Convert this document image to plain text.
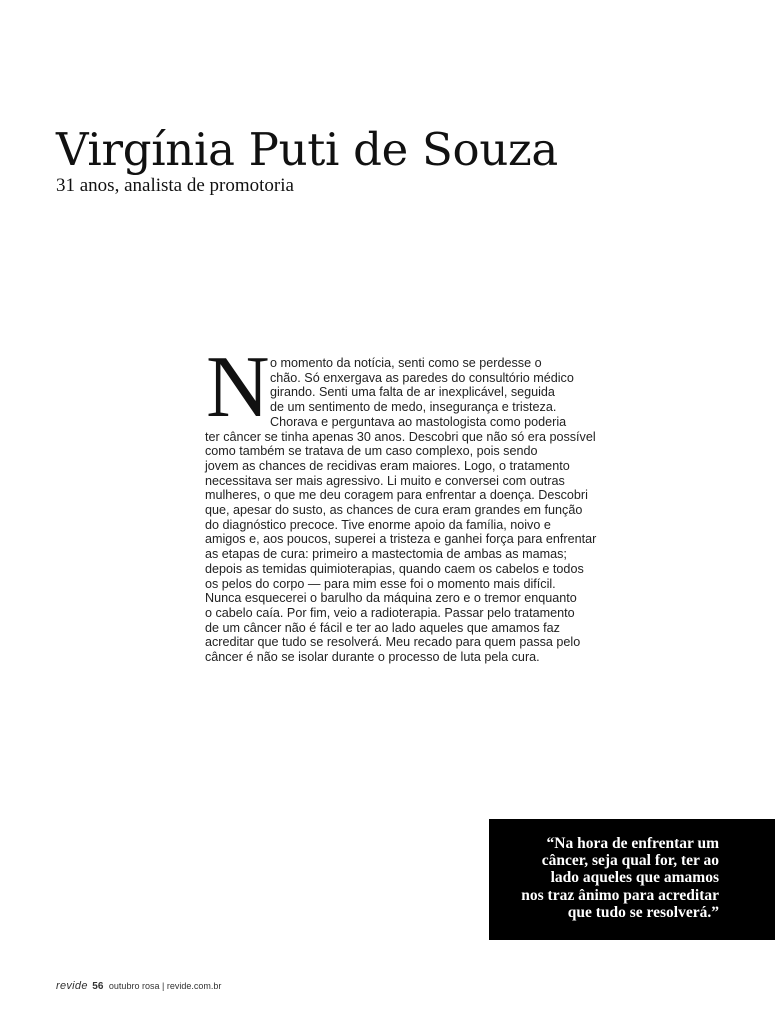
Virgínia Puti de Souza
31 anos, analista de promotoria
N o momento da notícia, senti como se perdesse o
chão. Só enxergava as paredes do consultório médico
girando. Senti uma falta de ar inexplicável, seguida
de um sentimento de medo, insegurança e tristeza.
Chorava e perguntava ao mastologista como poderia
ter câncer se tinha apenas 30 anos. Descobri que não só era possível
como também se tratava de um caso complexo, pois sendo
jovem as chances de recidivas eram maiores. Logo, o tratamento
necessitava ser mais agressivo. Li muito e conversei com outras
mulheres, o que me deu coragem para enfrentar a doença. Descobri
que, apesar do susto, as chances de cura eram grandes em função
do diagnóstico precoce. Tive enorme apoio da família, noivo e
amigos e, aos poucos, superei a tristeza e ganhei força para enfrentar
as etapas de cura: primeiro a mastectomia de ambas as mamas;
depois as temidas quimioterapias, quando caem os cabelos e todos
os pelos do corpo — para mim esse foi o momento mais difícil.
Nunca esquecerei o barulho da máquina zero e o tremor enquanto
o cabelo caía. Por fim, veio a radioterapia. Passar pelo tratamento
de um câncer não é fácil e ter ao lado aqueles que amamos faz
acreditar que tudo se resolverá. Meu recado para quem passa pelo
câncer é não se isolar durante o processo de luta pela cura.
“Na hora de enfrentar um
câncer, seja qual for, ter ao
lado aqueles que amamos
nos traz ânimo para acreditar
que tudo se resolverá.”
revide 56 outubro rosa | revide.com.br
